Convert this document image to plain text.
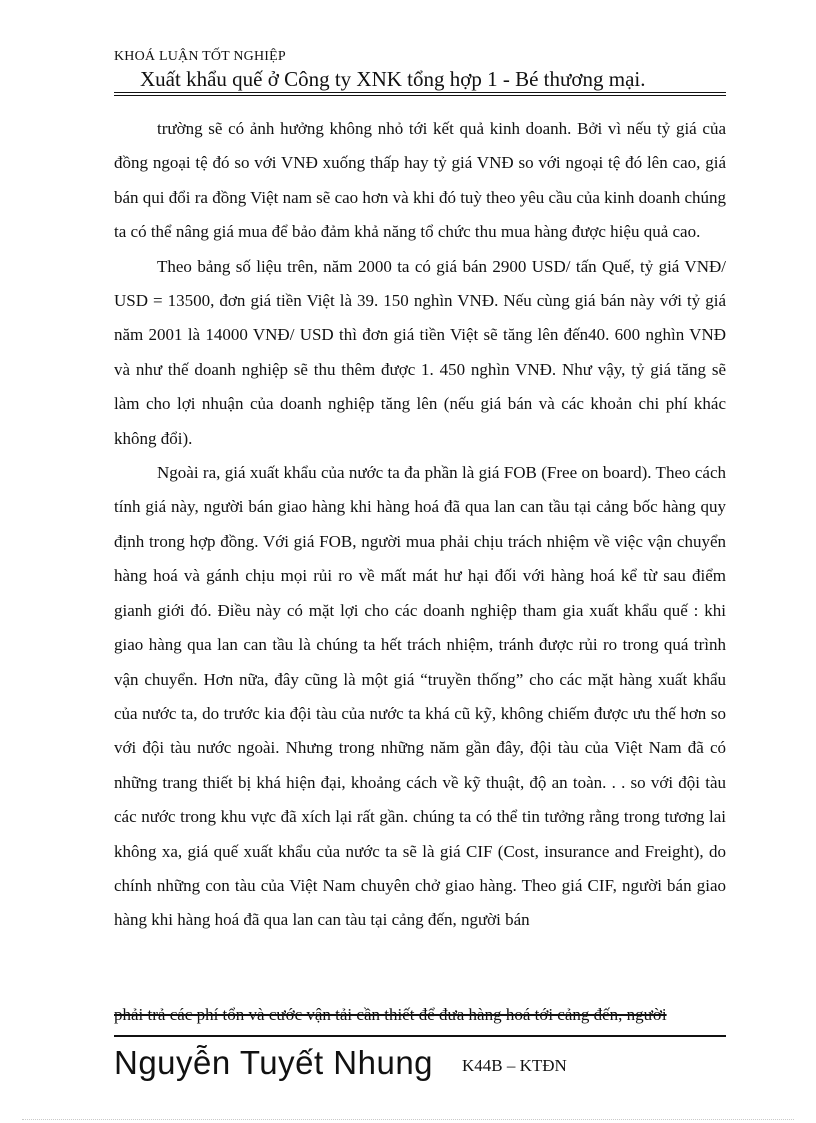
KHOÁ LUẬN TỐT NGHIỆP
Xuất khẩu quế ở Công ty XNK tổng hợp 1 - Bé thương mại.

trường sẽ có ảnh hưởng không nhỏ tới kết quả kinh doanh. Bởi vì nếu tỷ giá của đồng ngoại tệ đó so với VNĐ xuống thấp hay tỷ giá VNĐ so với ngoại tệ đó lên cao, giá bán qui đổi ra đồng Việt nam sẽ cao hơn và khi đó tuỳ theo yêu cầu của kinh doanh chúng ta có thể nâng giá mua để bảo đảm khả năng tổ chức thu mua hàng được hiệu quả cao.

Theo bảng số liệu trên, năm 2000 ta có giá bán 2900 USD/ tấn Quế, tỷ giá VNĐ/ USD = 13500, đơn giá tiền Việt là 39. 150 nghìn VNĐ. Nếu cùng giá bán này với tỷ giá năm 2001 là 14000 VNĐ/ USD thì đơn giá tiền Việt sẽ tăng lên đến40. 600 nghìn VNĐ và như thế doanh nghiệp sẽ thu thêm được 1. 450 nghìn VNĐ. Như vậy, tỷ giá tăng sẽ làm cho lợi nhuận của doanh nghiệp tăng lên (nếu giá bán và các khoản chi phí khác không đổi).

Ngoài ra, giá xuất khẩu của nước ta đa phần là giá FOB (Free on board). Theo cách tính giá này, người bán giao hàng khi hàng hoá đã qua lan can tầu tại cảng bốc hàng quy định trong hợp đồng. Với giá FOB, người mua phải chịu trách nhiệm về việc vận chuyển hàng hoá và gánh chịu mọi rủi ro về mất mát hư hại đối với hàng hoá kể từ sau điểm gianh giới đó. Điều này có mặt lợi cho các doanh nghiệp tham gia xuất khẩu quế : khi giao hàng qua lan can tầu là chúng ta hết trách nhiệm, tránh được rủi ro trong quá trình vận chuyển. Hơn nữa, đây cũng là một giá “truyền thống” cho các mặt hàng xuất khẩu của nước ta, do trước kia đội tàu của nước ta khá cũ kỹ, không chiếm được ưu thế hơn so với đội tàu nước ngoài. Nhưng trong những năm gần đây, đội tàu của Việt Nam đã có những trang thiết bị khá hiện đại, khoảng cách về kỹ thuật, độ an toàn. . . so với đội tàu các nước trong khu vực đã xích lại rất gần. chúng ta có thể tin tưởng rằng trong tương lai không xa, giá quế xuất khẩu của nước ta sẽ là giá CIF (Cost, insurance and Freight), do chính những con tàu của Việt Nam chuyên chở giao hàng. Theo giá CIF, người bán giao hàng khi hàng hoá đã qua lan can tàu tại cảng đến, người bán

phải trả các phí tổn và cước vận tải cần thiết để đưa hàng hoá tới cảng đến, người
Nguyễn Tuyết Nhung K44B – KTĐN
